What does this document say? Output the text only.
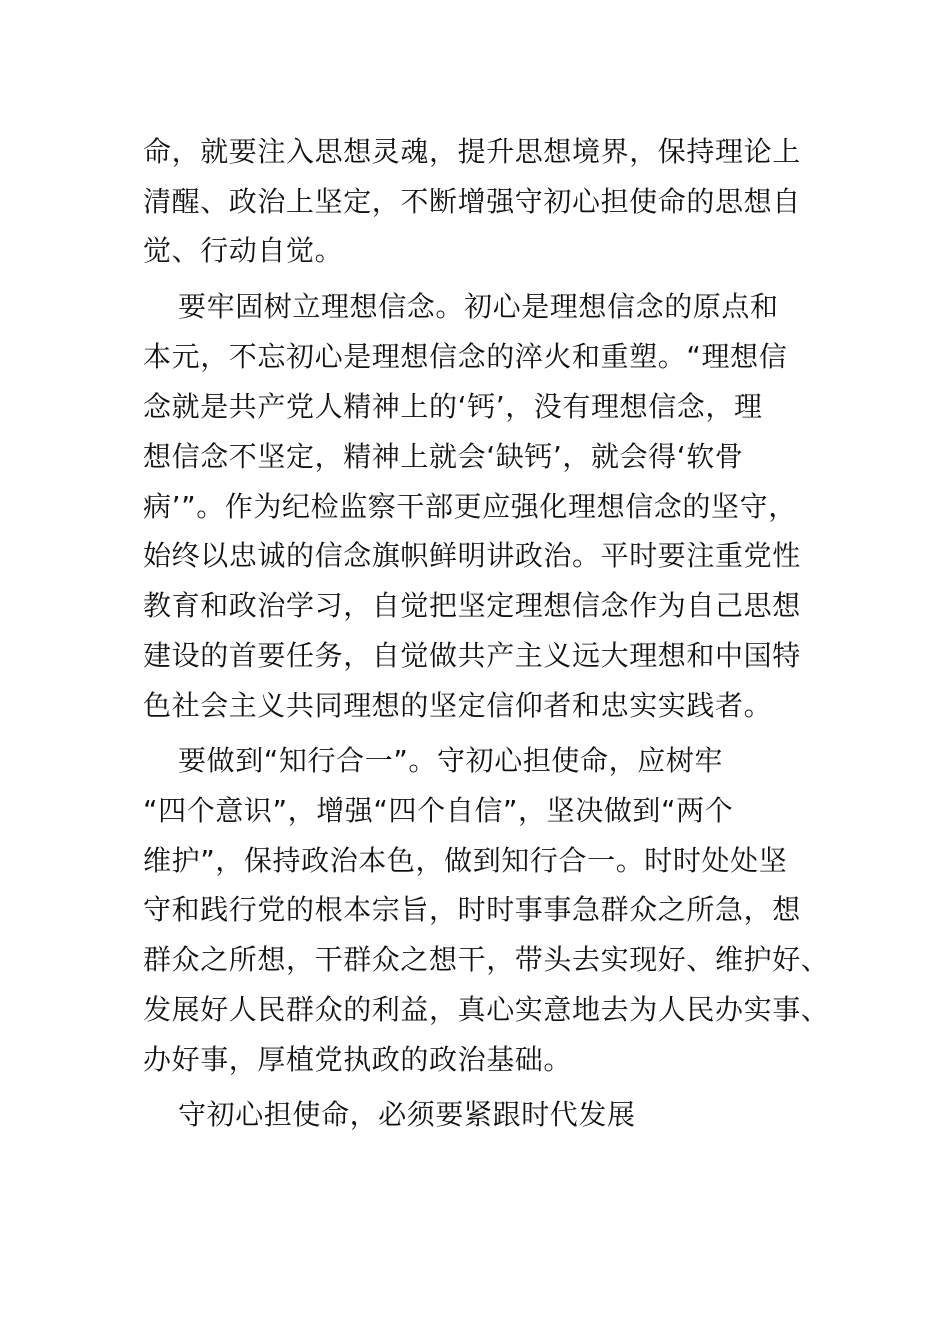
命，就要注入思想灵魂，提升思想境界，保持理论上
清醒、政治上坚定，不断增强守初心担使命的思想自
觉、行动自觉。
要牢固树立理想信念。初心是理想信念的原点和
本元，不忘初心是理想信念的淬火和重塑。“理想信
念就是共产党人精神上的‘钙’，没有理想信念，理
想信念不坚定，精神上就会‘缺钙’，就会得‘软骨
病’”。作为纪检监察干部更应强化理想信念的坚守，
始终以忠诚的信念旗帜鲜明讲政治。平时要注重党性
教育和政治学习，自觉把坚定理想信念作为自己思想
建设的首要任务，自觉做共产主义远大理想和中国特
色社会主义共同理想的坚定信仰者和忠实实践者。
要做到“知行合一”。守初心担使命，应树牢
“四个意识”，增强“四个自信”，坚决做到“两个
维护”，保持政治本色，做到知行合一。时时处处坚
守和践行党的根本宗旨，时时事事急群众之所急，想
群众之所想，干群众之想干，带头去实现好、维护好、
发展好人民群众的利益，真心实意地去为人民办实事、
办好事，厚植党执政的政治基础。
守初心担使命，必须要紧跟时代发展
